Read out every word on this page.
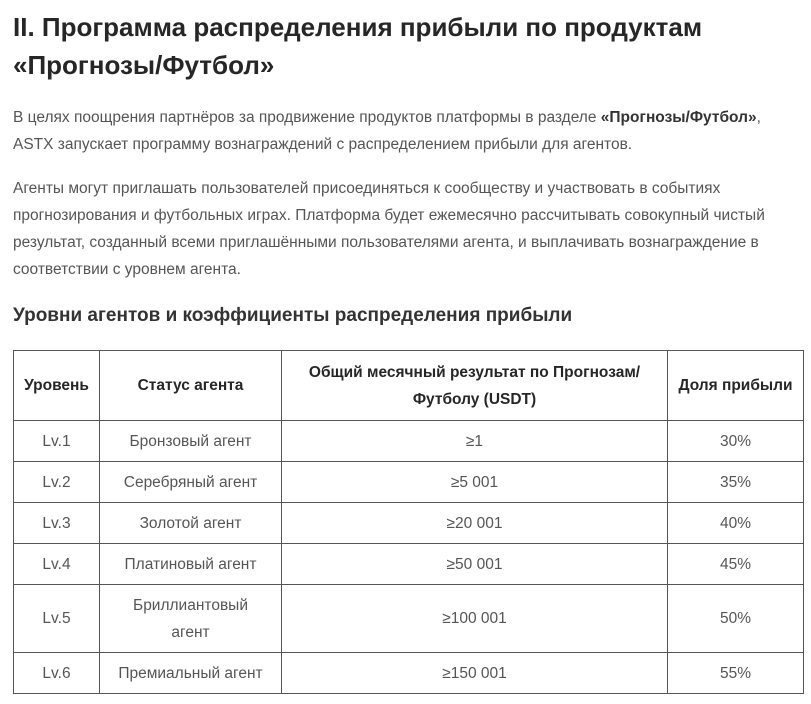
II. Программа распределения прибыли по продуктам «Прогнозы/Футбол»

В целях поощрения партнёров за продвижение продуктов платформы в разделе «Прогнозы/Футбол», ASTX запускает программу вознаграждений с распределением прибыли для агентов.

Агенты могут приглашать пользователей присоединяться к сообществу и участвовать в событиях прогнозирования и футбольных играх. Платформа будет ежемесячно рассчитывать совокупный чистый результат, созданный всеми приглашёнными пользователями агента, и выплачивать вознаграждение в соответствии с уровнем агента.

Уровни агентов и коэффициенты распределения прибыли
Уровень	Статус агента	Общий месячный результат по Прогнозам/Футболу (USDT)	Доля прибыли
Lv.1	Бронзовый агент	≥1	30%
Lv.2	Серебряный агент	≥5 001	35%
Lv.3	Золотой агент	≥20 001	40%
Lv.4	Платиновый агент	≥50 001	45%
Lv.5	Бриллиантовый агент	≥100 001	50%
Lv.6	Премиальный агент	≥150 001	55%
